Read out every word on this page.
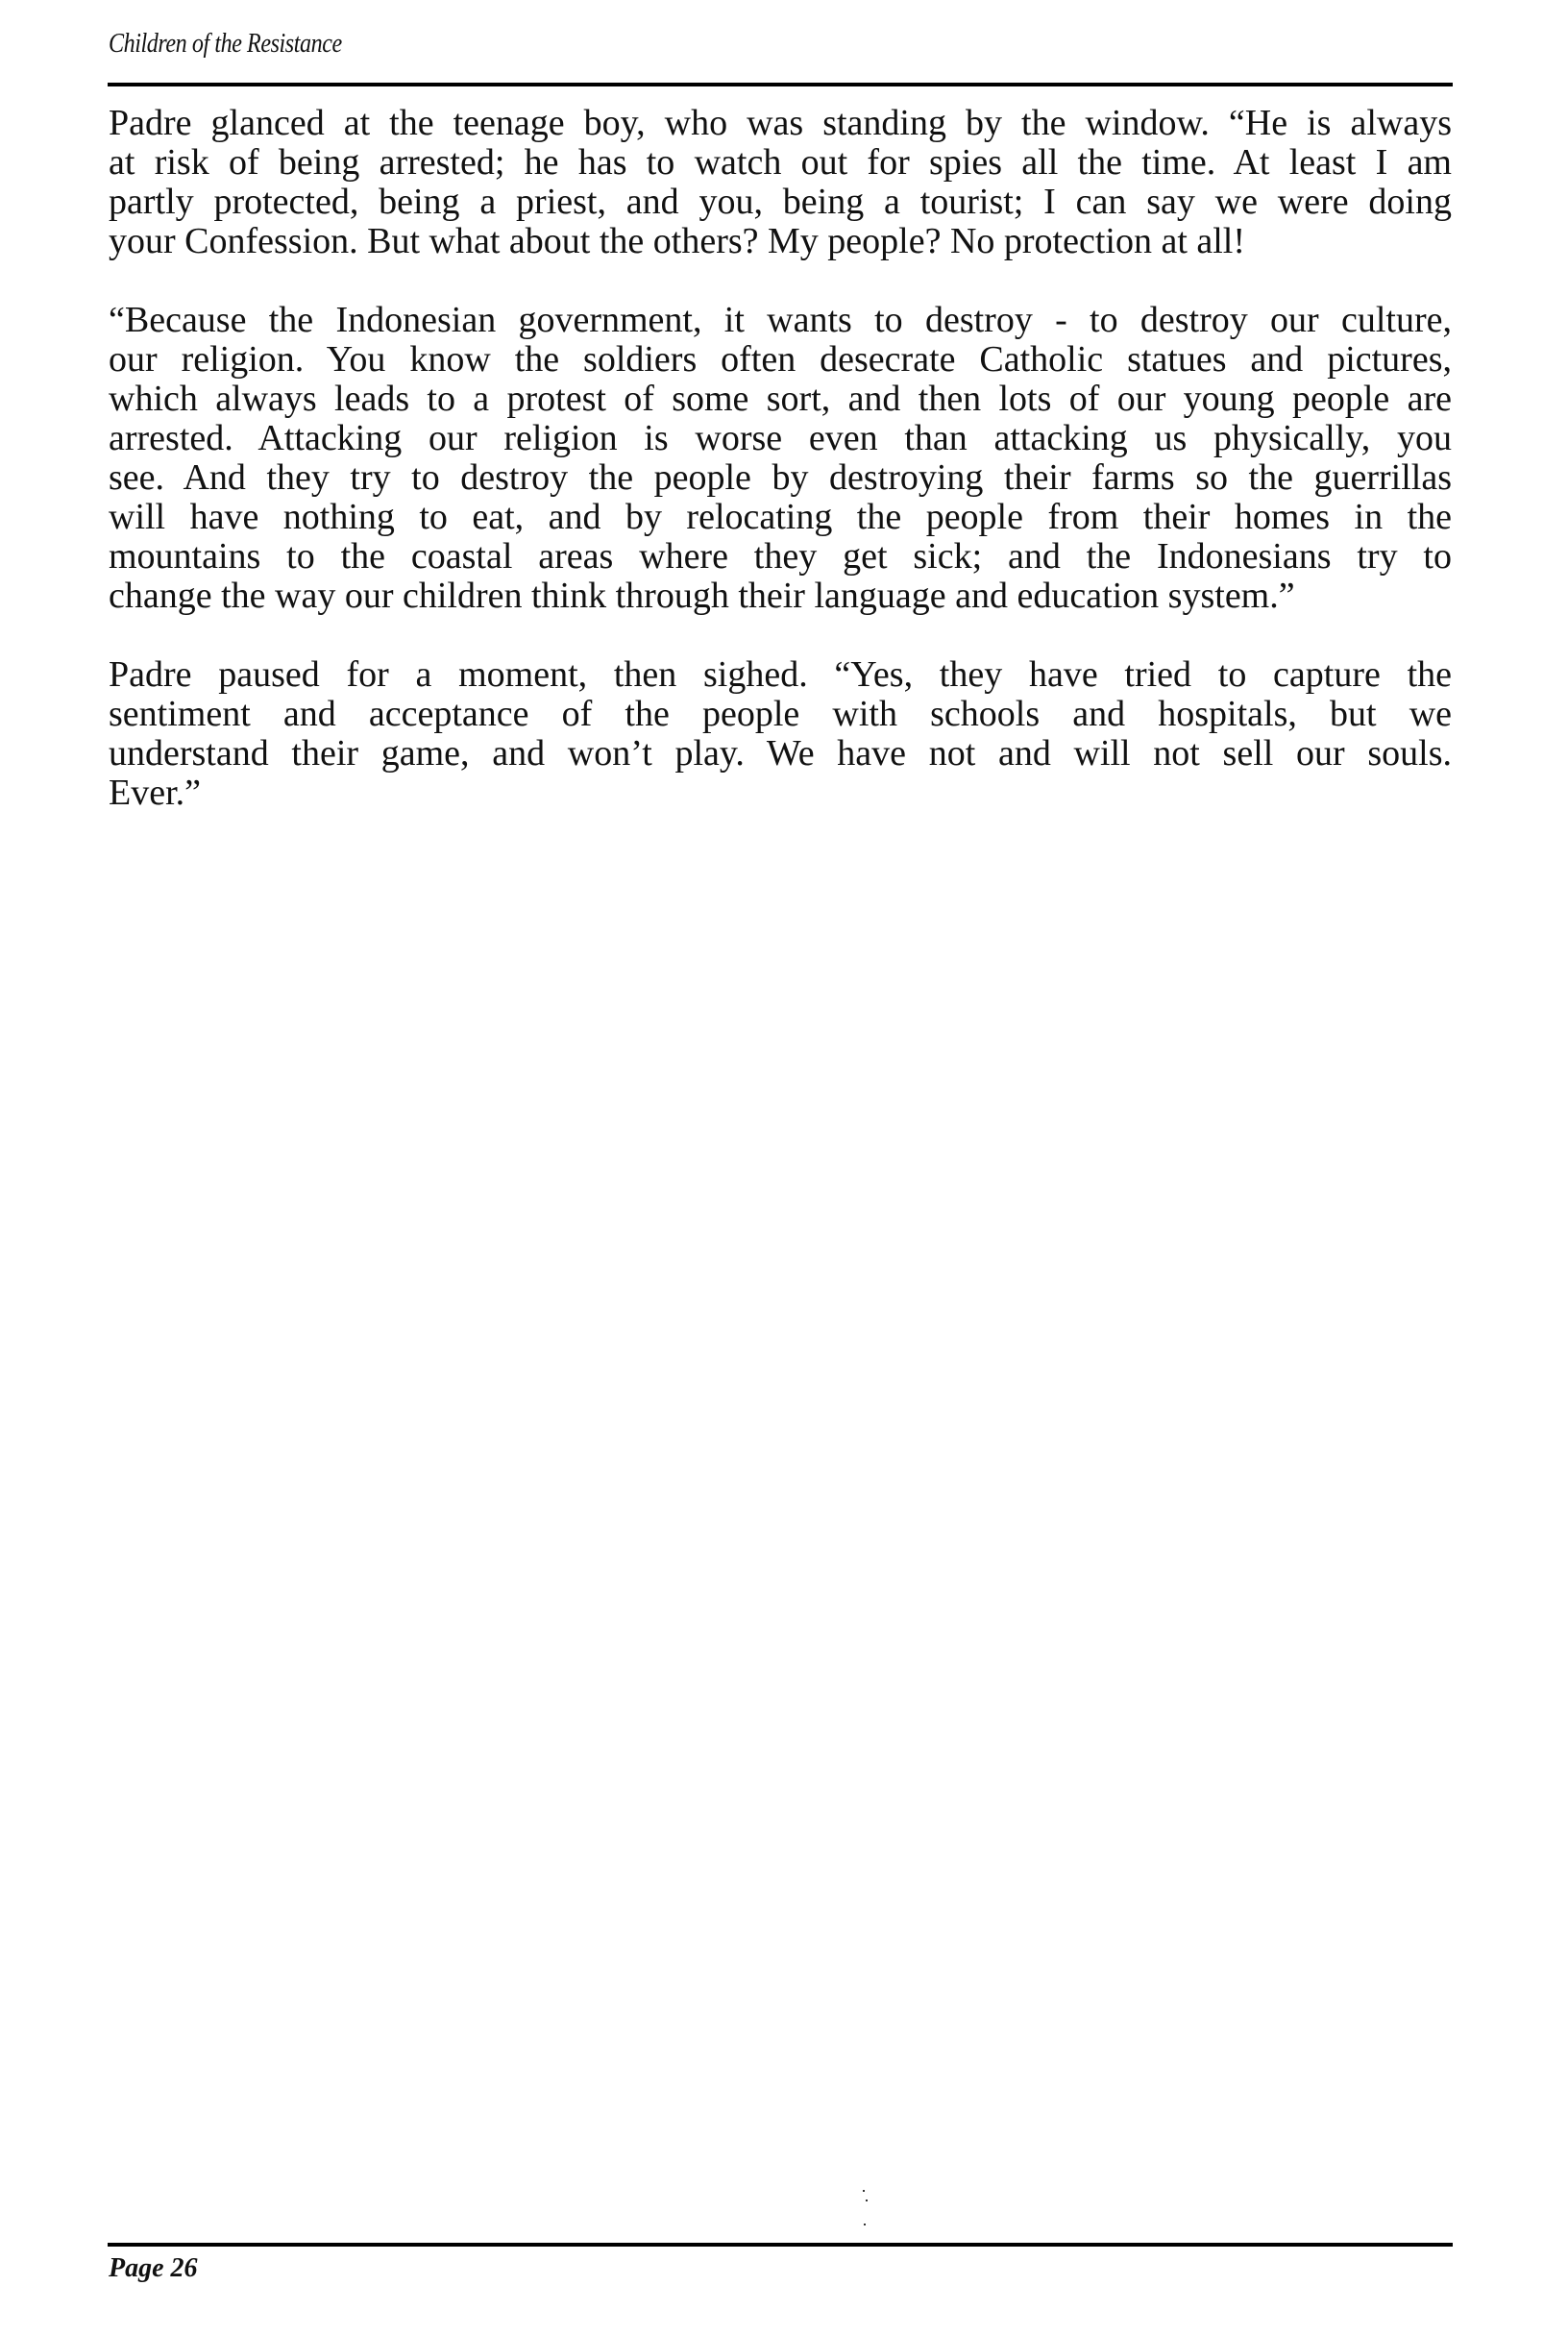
Children of the Resistance
Padre glanced at the teenage boy, who was standing by the window. “He is always
at risk of being arrested; he has to watch out for spies all the time. At least I am
partly protected, being a priest, and you, being a tourist; I can say we were doing
your Confession. But what about the others? My people? No protection at all!
“Because the Indonesian government, it wants to destroy - to destroy our culture,
our religion. You know the soldiers often desecrate Catholic statues and pictures,
which always leads to a protest of some sort, and then lots of our young people are
arrested. Attacking our religion is worse even than attacking us physically, you
see. And they try to destroy the people by destroying their farms so the guerrillas
will have nothing to eat, and by relocating the people from their homes in the
mountains to the coastal areas where they get sick; and the Indonesians try to
change the way our children think through their language and education system.”
Padre paused for a moment, then sighed. “Yes, they have tried to capture the
sentiment and acceptance of the people with schools and hospitals, but we
understand their game, and won’t play. We have not and will not sell our souls.
Ever.”
Page 26
